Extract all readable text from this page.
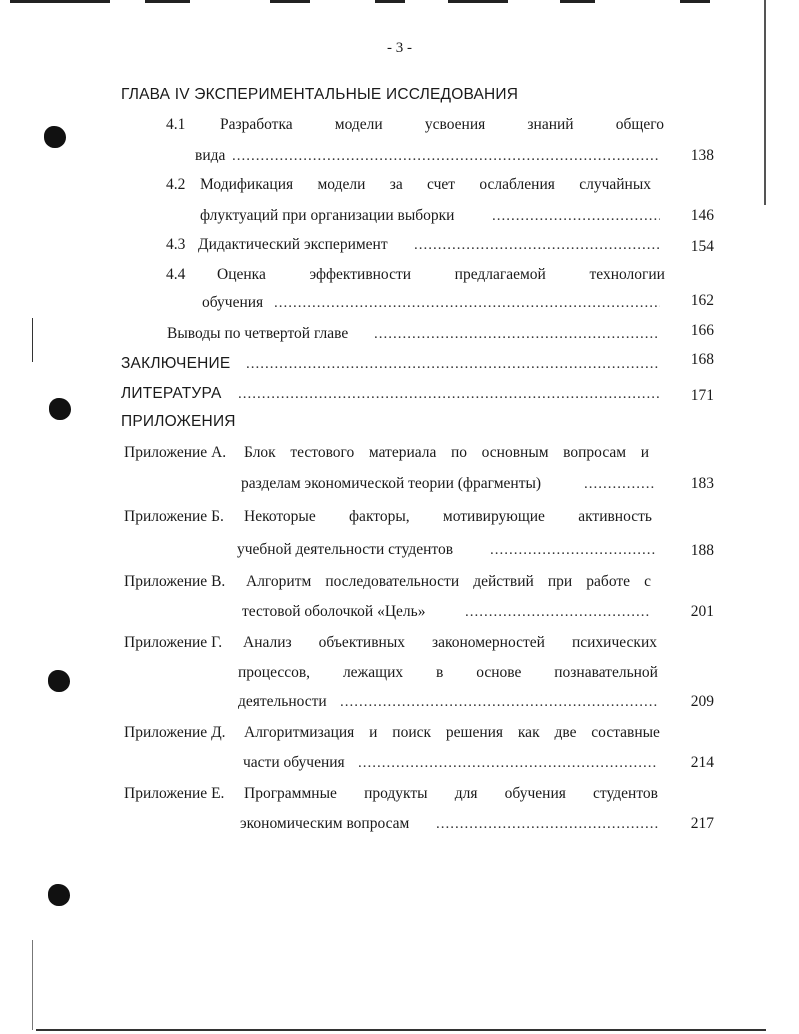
- 3 -
ГЛАВА IV ЭКСПЕРИМЕНТАЛЬНЫЕ ИССЛЕДОВАНИЯ
4.1 Разработка	модели	усвоения	знаний	общего
вида .....	138
4.2 Модификация модели за счет ослабления случайных
флуктуаций при организации выборки .....	146
4.3 Дидактический эксперимент .....	154
4.4 Оценка	эффективности	предлагаемой	технологии
обучения .....	162
Выводы по четвертой главе .....	166
ЗАКЛЮЧЕНИЕ .....	168
ЛИТЕРАТУРА .....	171
ПРИЛОЖЕНИЯ
Приложение А. Блок тестового материала по основным вопросам и
разделам экономической теории (фрагменты) .....	183
Приложение Б. Некоторые факторы, мотивирующие активность
учебной деятельности студентов .....	188
Приложение В. Алгоритм последовательности действий при работе с
тестовой оболочкой «Цель» .....	201
Приложение Г. Анализ объективных закономерностей психических
процессов, лежащих в основе познавательной
деятельности .....	209
Приложение Д. Алгоритмизация и поиск решения как две составные
части обучения .....	214
Приложение Е. Программные продукты для обучения студентов
экономическим вопросам .....	217
